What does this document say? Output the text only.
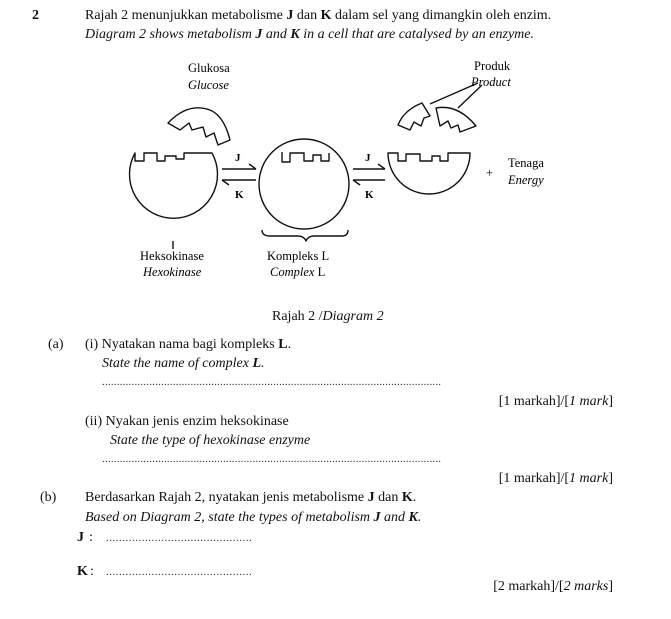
2	Rajah 2 menunjukkan metabolisme J dan K dalam sel yang dimangkin oleh enzim.
Diagram 2 shows metabolism J and K in a cell that are catalysed by an enzyme.
Glukosa
Glucose
Produk
Product
+
Tenaga
Energy
J
K
J
K
Heksokinase
Hexokinase
Kompleks L
Complex L
Rajah 2 /Diagram 2
(a) (i) Nyatakan nama bagi kompleks L.
State the name of complex L.
...................................................................................................................
[1 markah]/[1 mark]
(ii) Nyakan jenis enzim heksokinase
State the type of hexokinase enzyme
...................................................................................................................
[1 markah]/[1 mark]
(b) Berdasarkan Rajah 2, nyatakan jenis metabolisme J dan K.
Based on Diagram 2, state the types of metabolism J and K.
J : .............................................
K : .............................................
[2 markah]/[2 marks]
